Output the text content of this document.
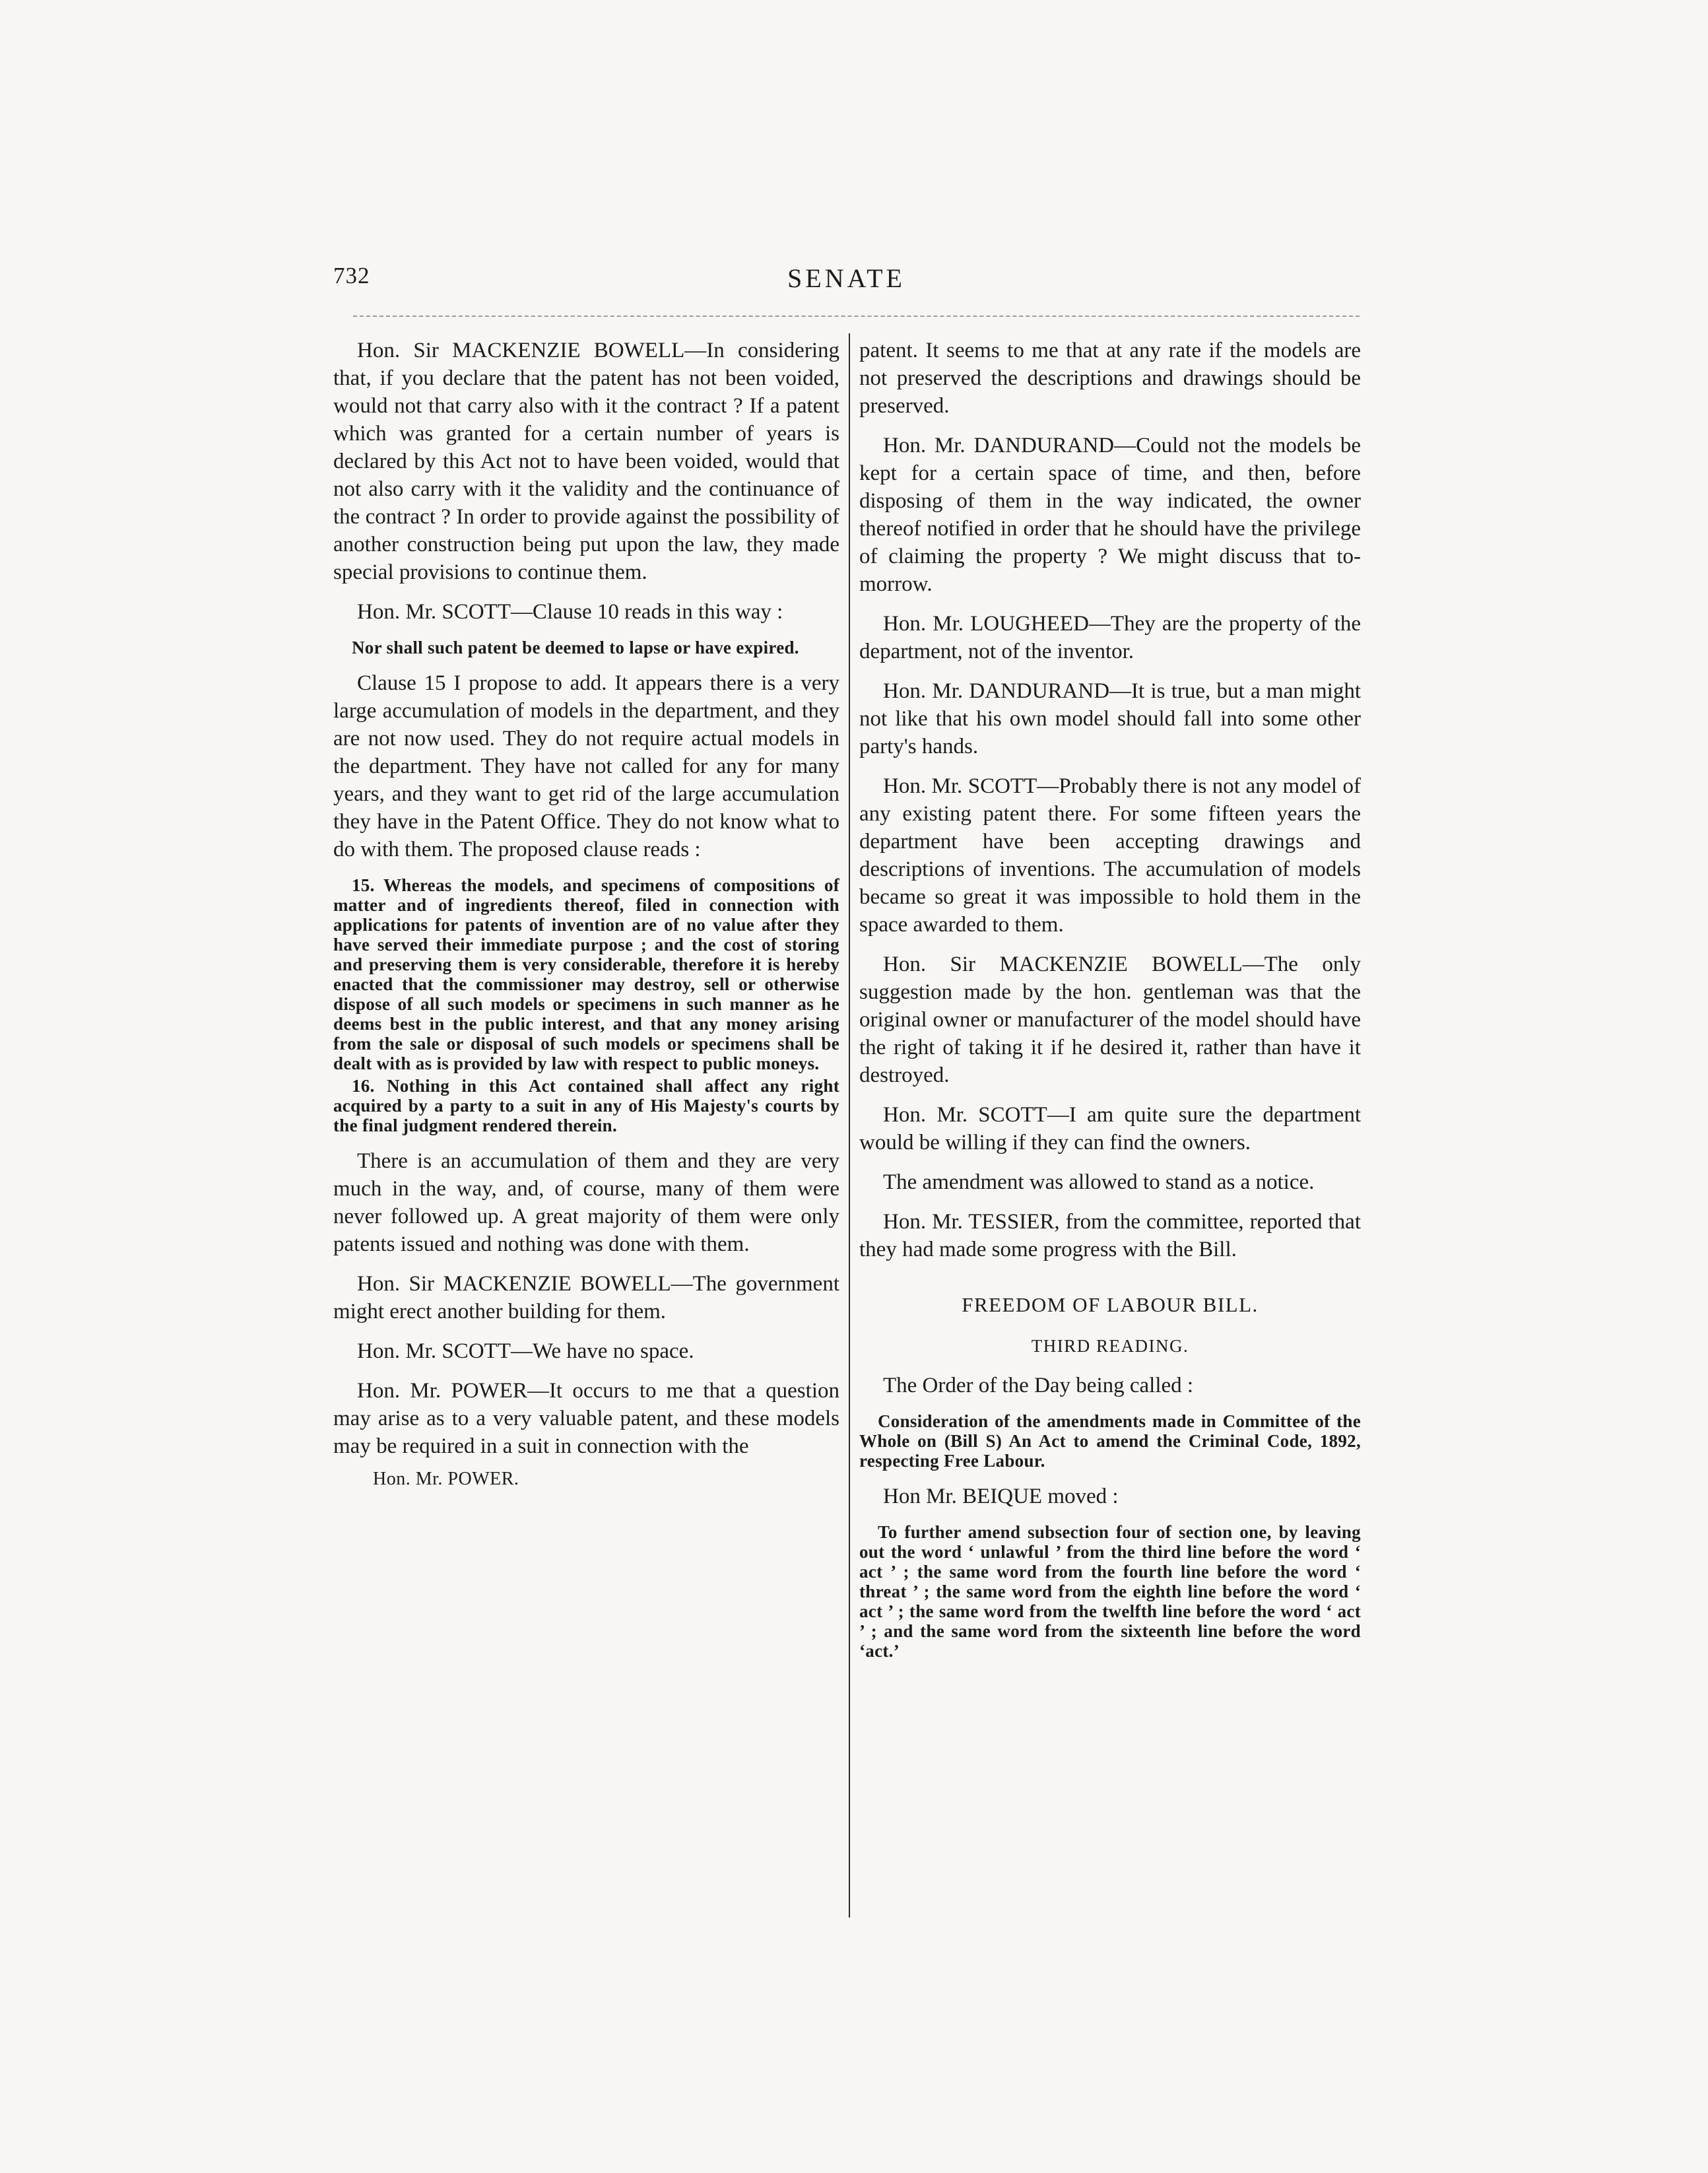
732	SENATE

Hon. Sir MACKENZIE BOWELL—In considering that, if you declare that the patent has not been voided, would not that carry also with it the contract ? If a patent which was granted for a certain number of years is declared by this Act not to have been voided, would that not also carry with it the validity and the continuance of the contract ? In order to provide against the possibility of another construction being put upon the law, they made special provisions to continue them.

Hon. Mr. SCOTT—Clause 10 reads in this way :

Nor shall such patent be deemed to lapse or have expired.

Clause 15 I propose to add. It appears there is a very large accumulation of models in the department, and they are not now used. They do not require actual models in the department. They have not called for any for many years, and they want to get rid of the large accumulation they have in the Patent Office. They do not know what to do with them. The proposed clause reads :

15. Whereas the models, and specimens of compositions of matter and of ingredients thereof, filed in connection with applications for patents of invention are of no value after they have served their immediate purpose ; and the cost of storing and preserving them is very considerable, therefore it is hereby enacted that the commissioner may destroy, sell or otherwise dispose of all such models or specimens in such manner as he deems best in the public interest, and that any money arising from the sale or disposal of such models or specimens shall be dealt with as is provided by law with respect to public moneys.

16. Nothing in this Act contained shall affect any right acquired by a party to a suit in any of His Majesty's courts by the final judgment rendered therein.

There is an accumulation of them and they are very much in the way, and, of course, many of them were never followed up. A great majority of them were only patents issued and nothing was done with them.

Hon. Sir MACKENZIE BOWELL—The government might erect another building for them.

Hon. Mr. SCOTT—We have no space.

Hon. Mr. POWER—It occurs to me that a question may arise as to a very valuable patent, and these models may be required in a suit in connection with the

Hon. Mr. POWER.

patent. It seems to me that at any rate if the models are not preserved the descriptions and drawings should be preserved.

Hon. Mr. DANDURAND—Could not the models be kept for a certain space of time, and then, before disposing of them in the way indicated, the owner thereof notified in order that he should have the privilege of claiming the property ? We might discuss that to-morrow.

Hon. Mr. LOUGHEED—They are the property of the department, not of the inventor.

Hon. Mr. DANDURAND—It is true, but a man might not like that his own model should fall into some other party's hands.

Hon. Mr. SCOTT—Probably there is not any model of any existing patent there. For some fifteen years the department have been accepting drawings and descriptions of inventions. The accumulation of models became so great it was impossible to hold them in the space awarded to them.

Hon. Sir MACKENZIE BOWELL—The only suggestion made by the hon. gentleman was that the original owner or manufacturer of the model should have the right of taking it if he desired it, rather than have it destroyed.

Hon. Mr. SCOTT—I am quite sure the department would be willing if they can find the owners.

The amendment was allowed to stand as a notice.

Hon. Mr. TESSIER, from the committee, reported that they had made some progress with the Bill.

FREEDOM OF LABOUR BILL.
THIRD READING.

The Order of the Day being called :

Consideration of the amendments made in Committee of the Whole on (Bill S) An Act to amend the Criminal Code, 1892, respecting Free Labour.

Hon Mr. BEIQUE moved :

To further amend subsection four of section one, by leaving out the word ‘ unlawful ’ from the third line before the word ‘ act ’ ; the same word from the fourth line before the word ‘ threat ’ ; the same word from the eighth line before the word ‘ act ’ ; the same word from the twelfth line before the word ‘ act ’ ; and the same word from the sixteenth line before the word ‘act.’
